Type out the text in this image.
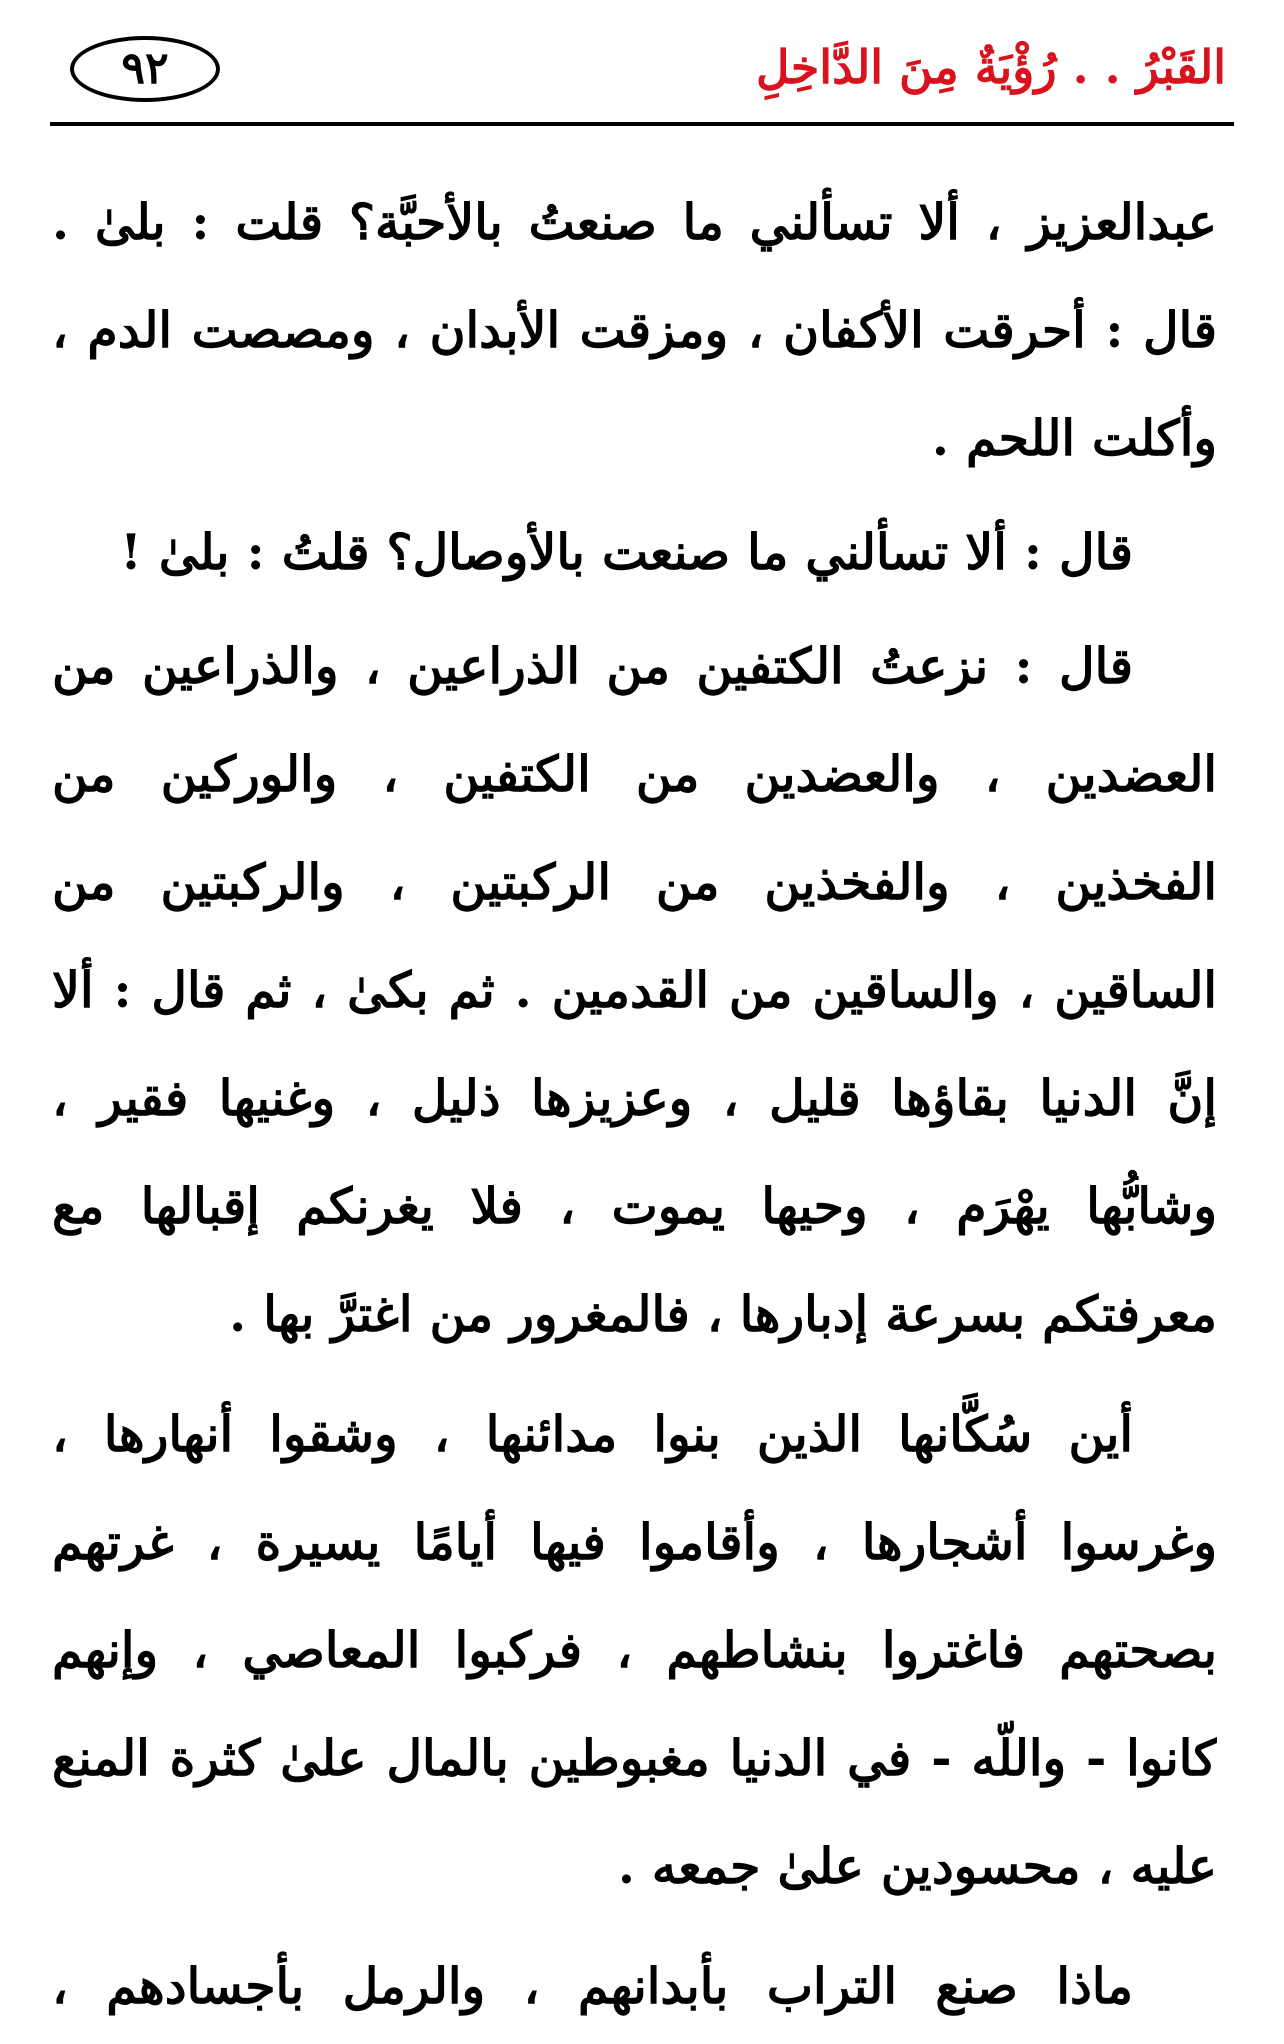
القَبْرُ . . رُؤْيَةٌ مِنَ الدَّاخِلِ
٩٢
عبدالعزيز ، ألا تسألني ما صنعتُ بالأحبَّة؟ قلت : بلىٰ .
قال : أحرقت الأكفان ، ومزقت الأبدان ، ومصصت الدم ،
وأكلت اللحم .
قال : ألا تسألني ما صنعت بالأوصال؟ قلتُ : بلىٰ !
قال : نزعتُ الكتفين من الذراعين ، والذراعين من
العضدين ، والعضدين من الكتفين ، والوركين من
الفخذين ، والفخذين من الركبتين ، والركبتين من
الساقين ، والساقين من القدمين . ثم بكىٰ ، ثم قال : ألا
إنَّ الدنيا بقاؤها قليل ، وعزيزها ذليل ، وغنيها فقير ،
وشابُّها يهْرَم ، وحيها يموت ، فلا يغرنكم إقبالها مع
معرفتكم بسرعة إدبارها ، فالمغرور من اغترَّ بها .
أين سُكَّانها الذين بنوا مدائنها ، وشقوا أنهارها ،
وغرسوا أشجارها ، وأقاموا فيها أيامًا يسيرة ، غرتهم
بصحتهم فاغتروا بنشاطهم ، فركبوا المعاصي ، وإنهم
كانوا - واللّه - في الدنيا مغبوطين بالمال علىٰ كثرة المنع
عليه ، محسودين علىٰ جمعه .
ماذا صنع التراب بأبدانهم ، والرمل بأجسادهم ،
